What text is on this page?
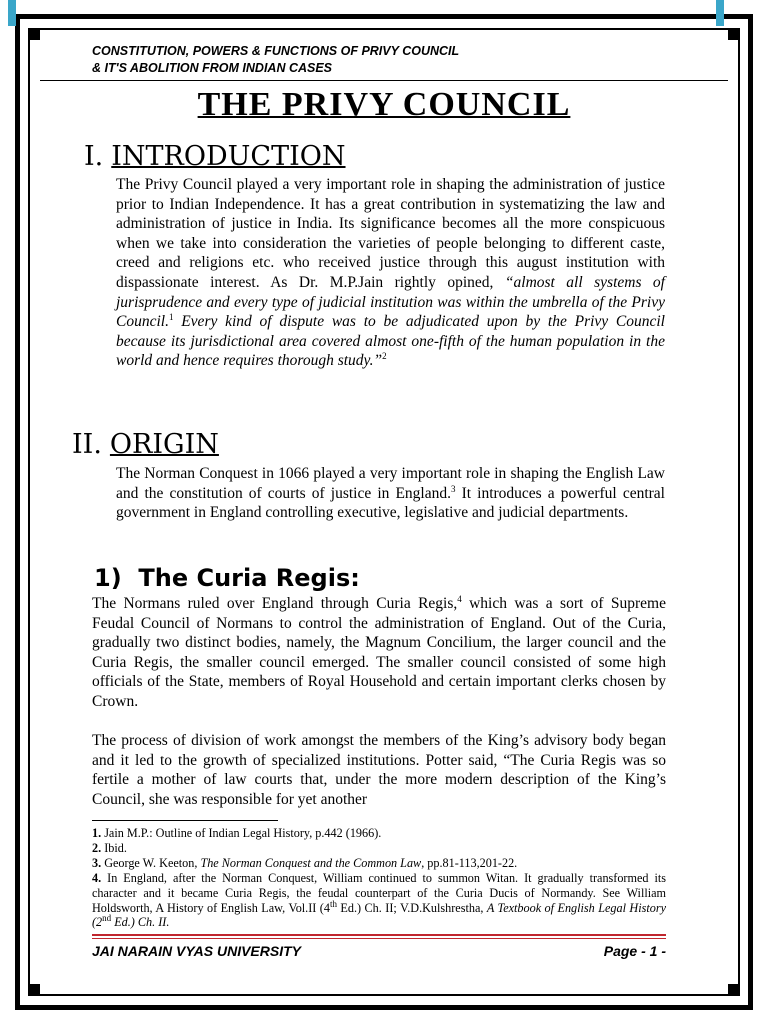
CONSTITUTION, POWERS & FUNCTIONS OF PRIVY COUNCIL
& IT'S ABOLITION FROM INDIAN CASES
THE PRIVY COUNCIL
I. INTRODUCTION
The Privy Council played a very important role in shaping the administration of justice prior to Indian Independence. It has a great contribution in systematizing the law and administration of justice in India. Its significance becomes all the more conspicuous when we take into consideration the varieties of people belonging to different caste, creed and religions etc. who received justice through this august institution with dispassionate interest. As Dr. M.P.Jain rightly opined, “almost all systems of jurisprudence and every type of judicial institution was within the umbrella of the Privy Council.$^1$ Every kind of dispute was to be adjudicated upon by the Privy Council because its jurisdictional area covered almost one-fifth of the human population in the world and hence requires thorough study.”$^2$
II. ORIGIN
The Norman Conquest in 1066 played a very important role in shaping the English Law and the constitution of courts of justice in England.$^3$ It introduces a powerful central government in England controlling executive, legislative and judicial departments.
1)  The Curia Regis:
The Normans ruled over England through Curia Regis,$^4$ which was a sort of Supreme Feudal Council of Normans to control the administration of England. Out of the Curia, gradually two distinct bodies, namely, the Magnum Concilium, the larger council and the Curia Regis, the smaller council emerged. The smaller council consisted of some high officials of the State, members of Royal Household and certain important clerks chosen by Crown.
The process of division of work amongst the members of the King’s advisory body began and it led to the growth of specialized institutions. Potter said, “The Curia Regis was so fertile a mother of law courts that, under the more modern description of the King’s Council, she was responsible for yet another
1. Jain M.P.: Outline of Indian Legal History, p.442 (1966).
2. Ibid.
3. George W. Keeton, The Norman Conquest and the Common Law, pp.81-113,201-22.
4. In England, after the Norman Conquest, William continued to summon Witan. It gradually transformed its character and it became Curia Regis, the feudal counterpart of the Curia Ducis of Normandy. See William Holdsworth, A History of English Law, Vol.II (4th Ed.) Ch. II; V.D.Kulshrestha, A Textbook of English Legal History (2nd Ed.) Ch. II.
JAI NARAIN VYAS UNIVERSITY	Page - 1 -
